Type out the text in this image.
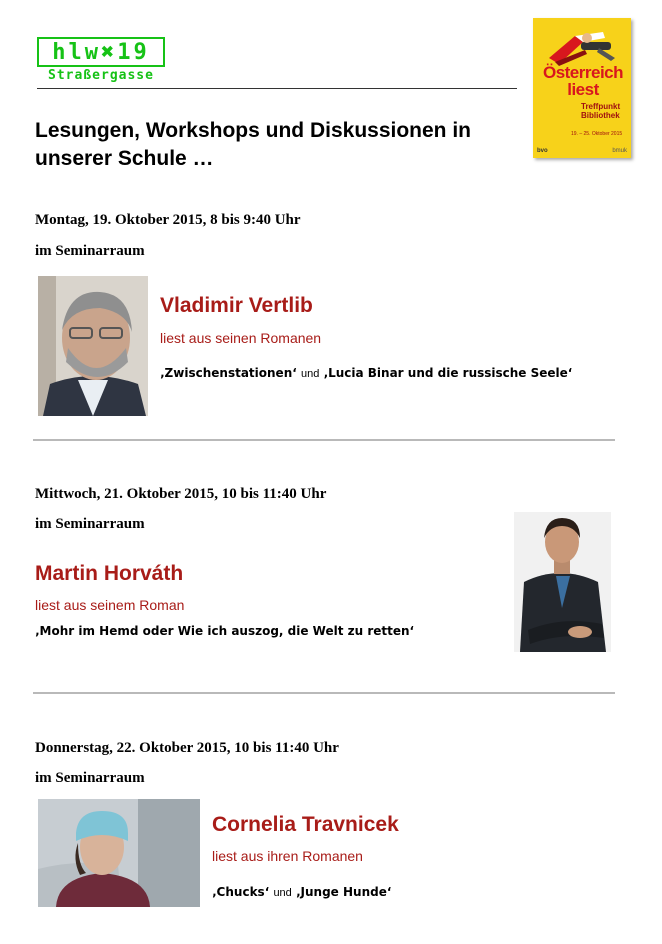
hlw✖19
Straßergasse	Österreich
liest
Treffpunkt Bibliothek
19. – 25. Oktober 2015
bvo	bmuk
Lesungen, Workshops und Diskussionen in unserer Schule …
Montag, 19. Oktober 2015, 8 bis 9:40 Uhr
im Seminarraum
Vladimir Vertlib
liest aus seinen Romanen
‚Zwischenstationen‘ und ‚Lucia Binar und die russische Seele‘
Mittwoch, 21. Oktober 2015, 10 bis 11:40 Uhr
im Seminarraum
Martin Horváth
liest aus seinem Roman
‚Mohr im Hemd oder Wie ich auszog, die Welt zu retten‘
Donnerstag, 22. Oktober 2015, 10 bis 11:40 Uhr
im Seminarraum
Cornelia Travnicek
liest aus ihren Romanen
‚Chucks‘ und ‚Junge Hunde‘
